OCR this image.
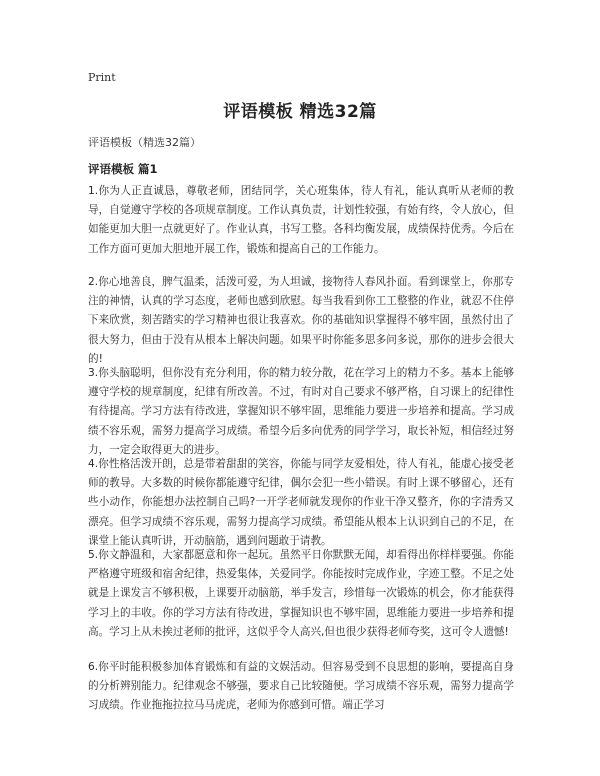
Print
评语模板 精选32篇
评语模板（精选32篇）
评语模板 篇1

1.你为人正直诚恳，尊敬老师，团结同学，关心班集体，待人有礼，能认真听从老师的教导，自觉遵守学校的各项规章制度。工作认真负责，计划性较强，有始有终，令人放心，但如能更加大胆一点就更好了。作业认真，书写工整。各科均衡发展，成绩保持优秀。今后在工作方面可更加大胆地开展工作，锻炼和提高自己的工作能力。

2.你心地善良，脾气温柔，活泼可爱，为人坦诚，接物待人春风扑面。看到课堂上，你那专注的神情，认真的学习态度，老师也感到欣慰。每当我看到你工工整整的作业，就忍不住停下来欣赏，刻苦踏实的学习精神也很让我喜欢。你的基础知识掌握得不够牢固，虽然付出了很大努力，但由于没有从根本上解决问题。如果平时你能多思多问多说，那你的进步会很大的!

3.你头脑聪明，但你没有充分利用，你的精力较分散，花在学习上的精力不多。基本上能够遵守学校的规章制度，纪律有所改善。不过，有时对自己要求不够严格，自习课上的纪律性有待提高。学习方法有待改进，掌握知识不够牢固，思维能力要进一步培养和提高。学习成绩不容乐观，需努力提高学习成绩。希望今后多向优秀的同学学习，取长补短，相信经过努力，一定会取得更大的进步。

4.你性格活泼开朗，总是带着甜甜的笑容，你能与同学友爱相处，待人有礼，能虚心接受老师的教导。大多数的时候你都能遵守纪律，偶尔会犯一些小错误。有时上课不够留心，还有些小动作，你能想办法控制自己吗?一开学老师就发现你的作业干净又整齐，你的字清秀又漂亮。但学习成绩不容乐观，需努力提高学习成绩。希望能从根本上认识到自己的不足，在课堂上能认真听讲，开动脑筋，遇到问题敢于请教。

5.你文静温和，大家都愿意和你一起玩。虽然平日你默默无闻，却看得出你样样要强。你能严格遵守班级和宿舍纪律，热爱集体，关爱同学。你能按时完成作业，字迹工整。不足之处就是上课发言不够积极，上课要开动脑筋，举手发言，珍惜每一次锻炼的机会，你才能获得学习上的丰收。你的学习方法有待改进，掌握知识也不够牢固，思维能力要进一步培养和提高。学习上从未挨过老师的批评，这似乎令人高兴,但也很少获得老师夸奖，这可令人遗憾!

6.你平时能积极参加体育锻炼和有益的文娱活动。但容易受到不良思想的影响，要提高自身的分析辨别能力。纪律观念不够强，要求自己比较随便。学习成绩不容乐观，需努力提高学习成绩。作业拖拖拉拉马马虎虎，老师为你感到可惜。端正学习
